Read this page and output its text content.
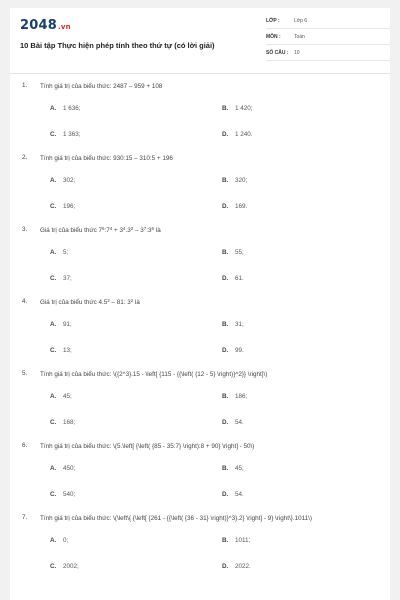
2048.vn
10 Bài tập Thực hiện phép tính theo thứ tự (có lời giải)
LỚP :	Lớp 6
MÔN :	Toán
SỐ CÂU : 10
1. Tính giá trị của biểu thức: 2487 – 959 + 108
A. 1 636;	B. 1 420;
C. 1 363;	D. 1 240.
2. Tính giá trị của biểu thức: 930:15 – 310:5 + 196
A. 302;	B. 320;
C. 196;	D. 169.
3. Giá trị của biểu thức $7^6:7^4 + 3^4.3^2$ – $3^7:3^6$ là
A. 5;	B. 55;
C. 37;	D. 61.
4. Giá trị của biểu thức $4.5^2 - 81$: $3^2$ là
A. 91;	B. 31;
C. 13;	D. 99.
5. Tính giá trị của biểu thức: \({2^3}.15 - \left[ {115 - {{\left( {12 - 5} \right)}^2}} \right]\)
A. 45;	B. 186;
C. 168;	D. 54.
6. Tính giá trị của biểu thức: \(5.\left[ {\left( {85 - 35:7} \right):8 + 90} \right] - 50\)
A. 450;	B. 45;
C. 540;	D. 54.
7. Tính giá trị của biểu thức: \(\left\{ {\left[ {261 - {{\left( {36 - 31} \right)}^3}.2} \right] - 9} \right\}.1011\)
A. 0;	B. 1011;
C. 2002;	D. 2022.
